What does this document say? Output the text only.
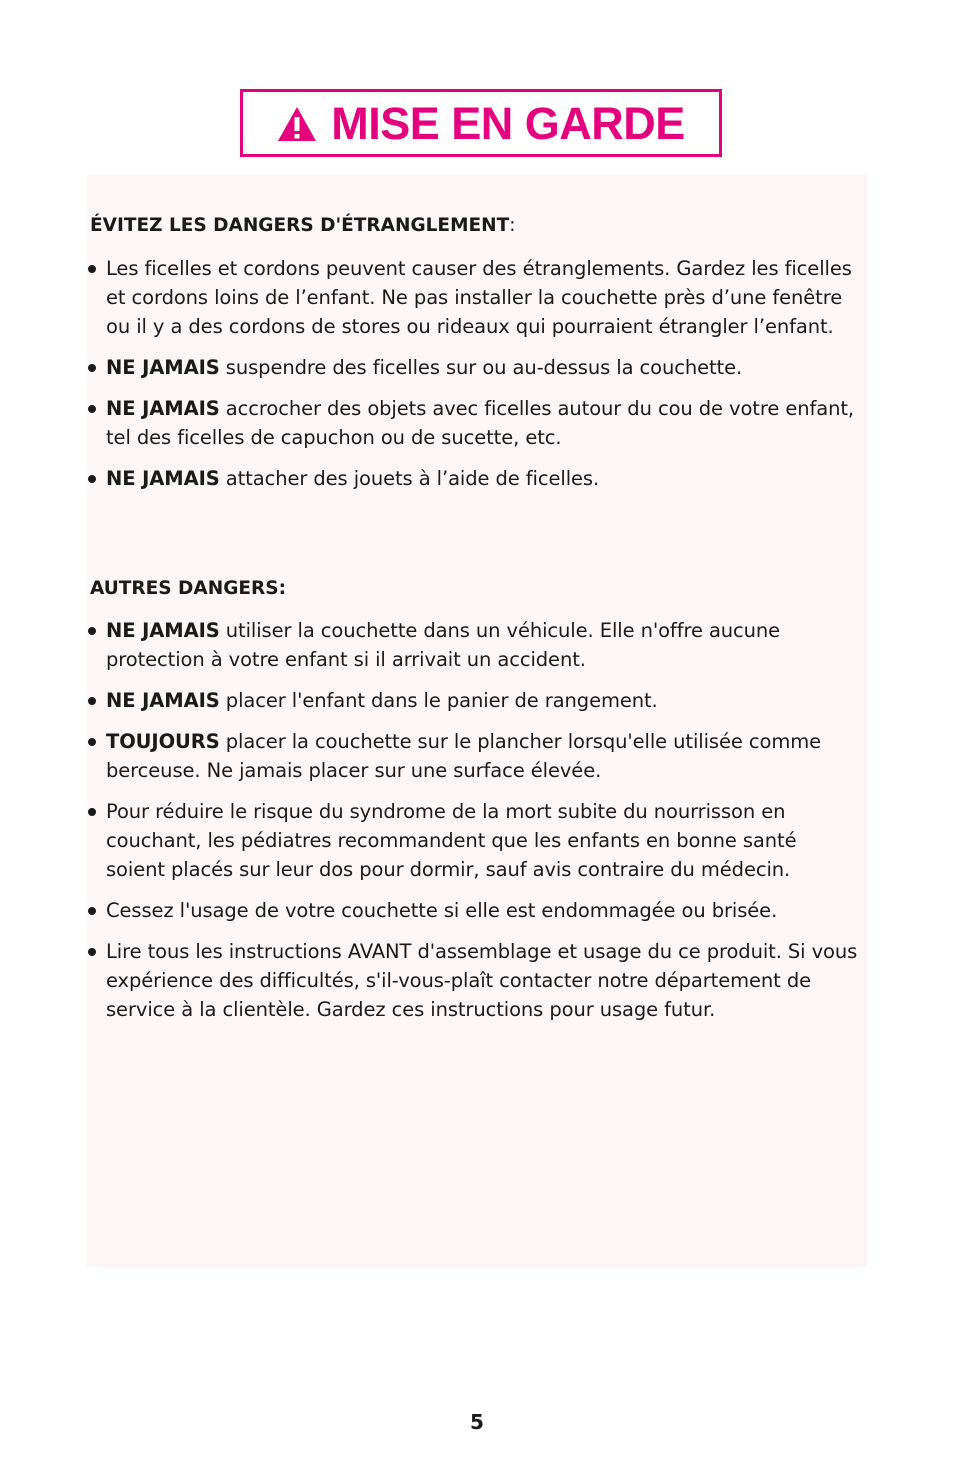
MISE EN GARDE
ÉVITEZ LES DANGERS D'ÉTRANGLEMENT:
Les ficelles et cordons peuvent causer des étranglements. Gardez les ficelles et cordons loins de l’enfant. Ne pas installer la couchette près d’une fenêtre ou il y a des cordons de stores ou rideaux qui pourraient étrangler l’enfant.
NE JAMAIS suspendre des ficelles sur ou au-dessus la couchette.
NE JAMAIS accrocher des objets avec ficelles autour du cou de votre enfant, tel des ficelles de capuchon ou de sucette, etc.
NE JAMAIS attacher des jouets à l’aide de ficelles.
AUTRES DANGERS:
NE JAMAIS utiliser la couchette dans un véhicule. Elle n'offre aucune protection à votre enfant si il arrivait un accident.
NE JAMAIS placer l'enfant dans le panier de rangement.
TOUJOURS placer la couchette sur le plancher lorsqu'elle utilisée comme berceuse. Ne jamais placer sur une surface élevée.
Pour réduire le risque du syndrome de la mort subite du nourrisson en couchant, les pédiatres recommandent que les enfants en bonne santé soient placés sur leur dos pour dormir, sauf avis contraire du médecin.
Cessez l'usage de votre couchette si elle est endommagée ou brisée.
Lire tous les instructions AVANT d'assemblage et usage du ce produit. Si vous expérience des difficultés, s'il-vous-plaît contacter notre département de service à la clientèle. Gardez ces instructions pour usage futur.
5
